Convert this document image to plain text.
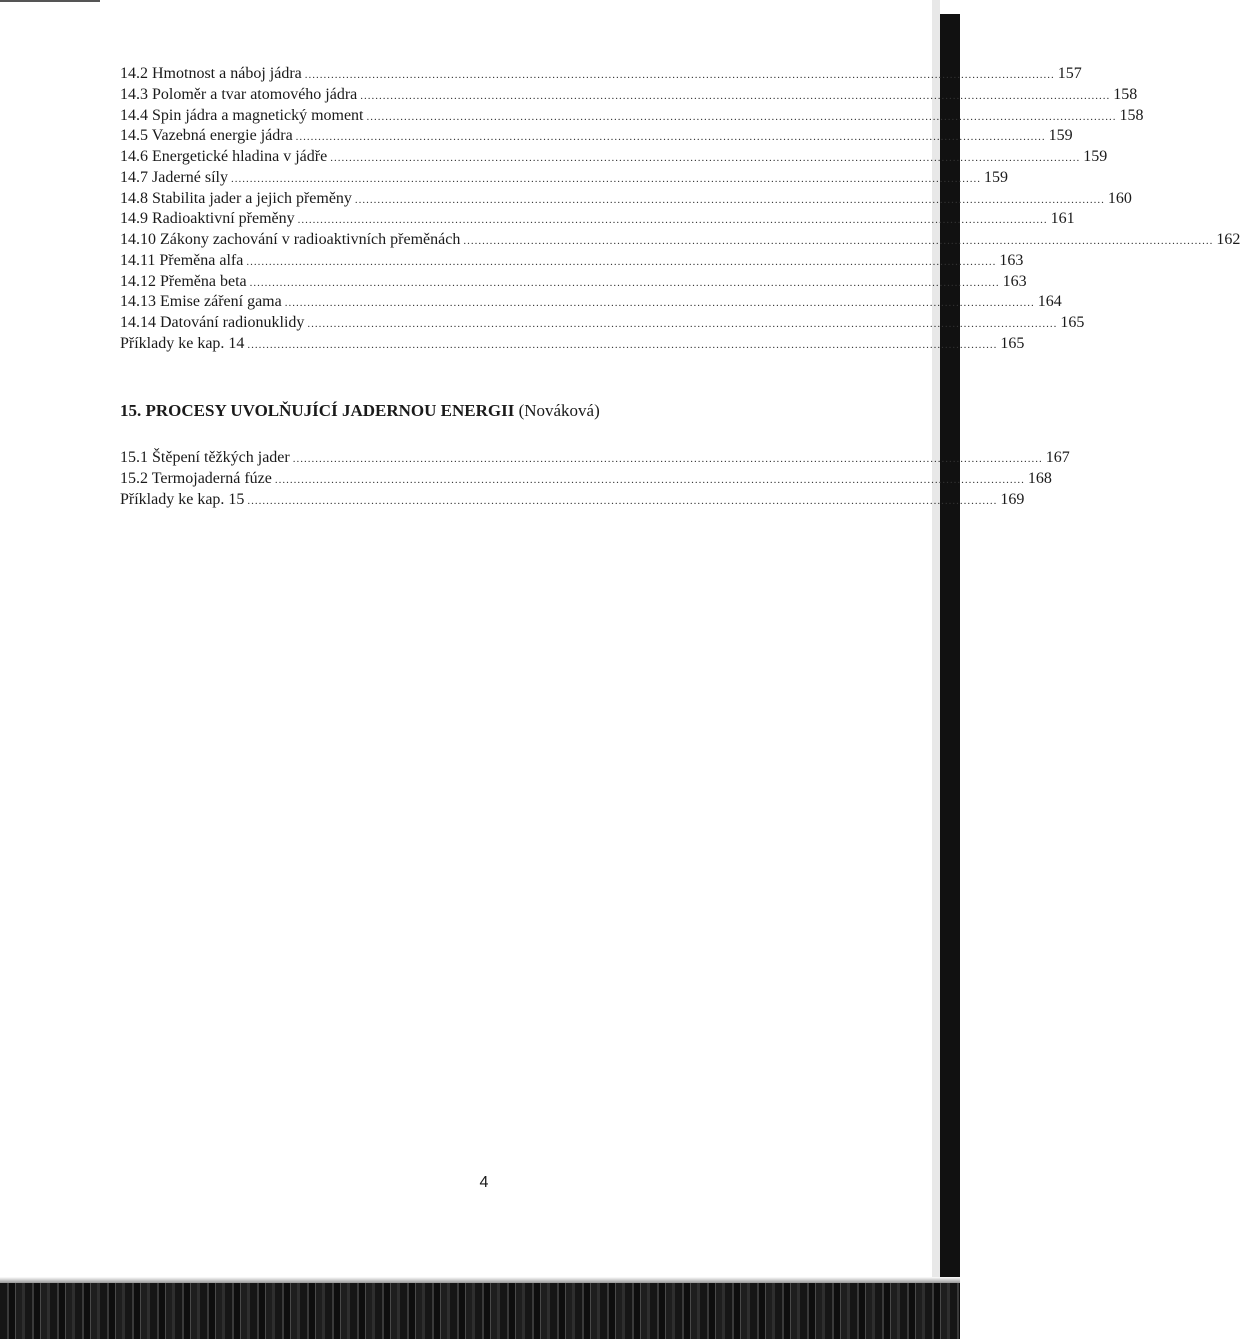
14.2 Hmotnost a náboj jádra ........................................................................................................................................................................................................ 157
14.3 Poloměr a tvar atomového jádra ........................................................................................................................................................................................................ 158
14.4 Spin jádra a magnetický moment ........................................................................................................................................................................................................ 158
14.5 Vazebná energie jádra ........................................................................................................................................................................................................ 159
14.6 Energetické hladina v jádře ........................................................................................................................................................................................................ 159
14.7 Jaderné síly ........................................................................................................................................................................................................ 159
14.8 Stabilita jader a jejich přeměny ........................................................................................................................................................................................................ 160
14.9 Radioaktivní přeměny ........................................................................................................................................................................................................ 161
14.10 Zákony zachování v radioaktivních přeměnách ........................................................................................................................................................................................................ 162
14.11 Přeměna alfa ........................................................................................................................................................................................................ 163
14.12 Přeměna beta ........................................................................................................................................................................................................ 163
14.13 Emise záření gama ........................................................................................................................................................................................................ 164
14.14 Datování radionuklidy ........................................................................................................................................................................................................ 165
Příklady ke kap. 14 ........................................................................................................................................................................................................ 165
15. PROCESY UVOLŇUJÍCÍ JADERNOU ENERGII (Nováková)
15.1 Štěpení těžkých jader ........................................................................................................................................................................................................ 167
15.2 Termojaderná fúze ........................................................................................................................................................................................................ 168
Příklady ke kap. 15 ........................................................................................................................................................................................................ 169
4
